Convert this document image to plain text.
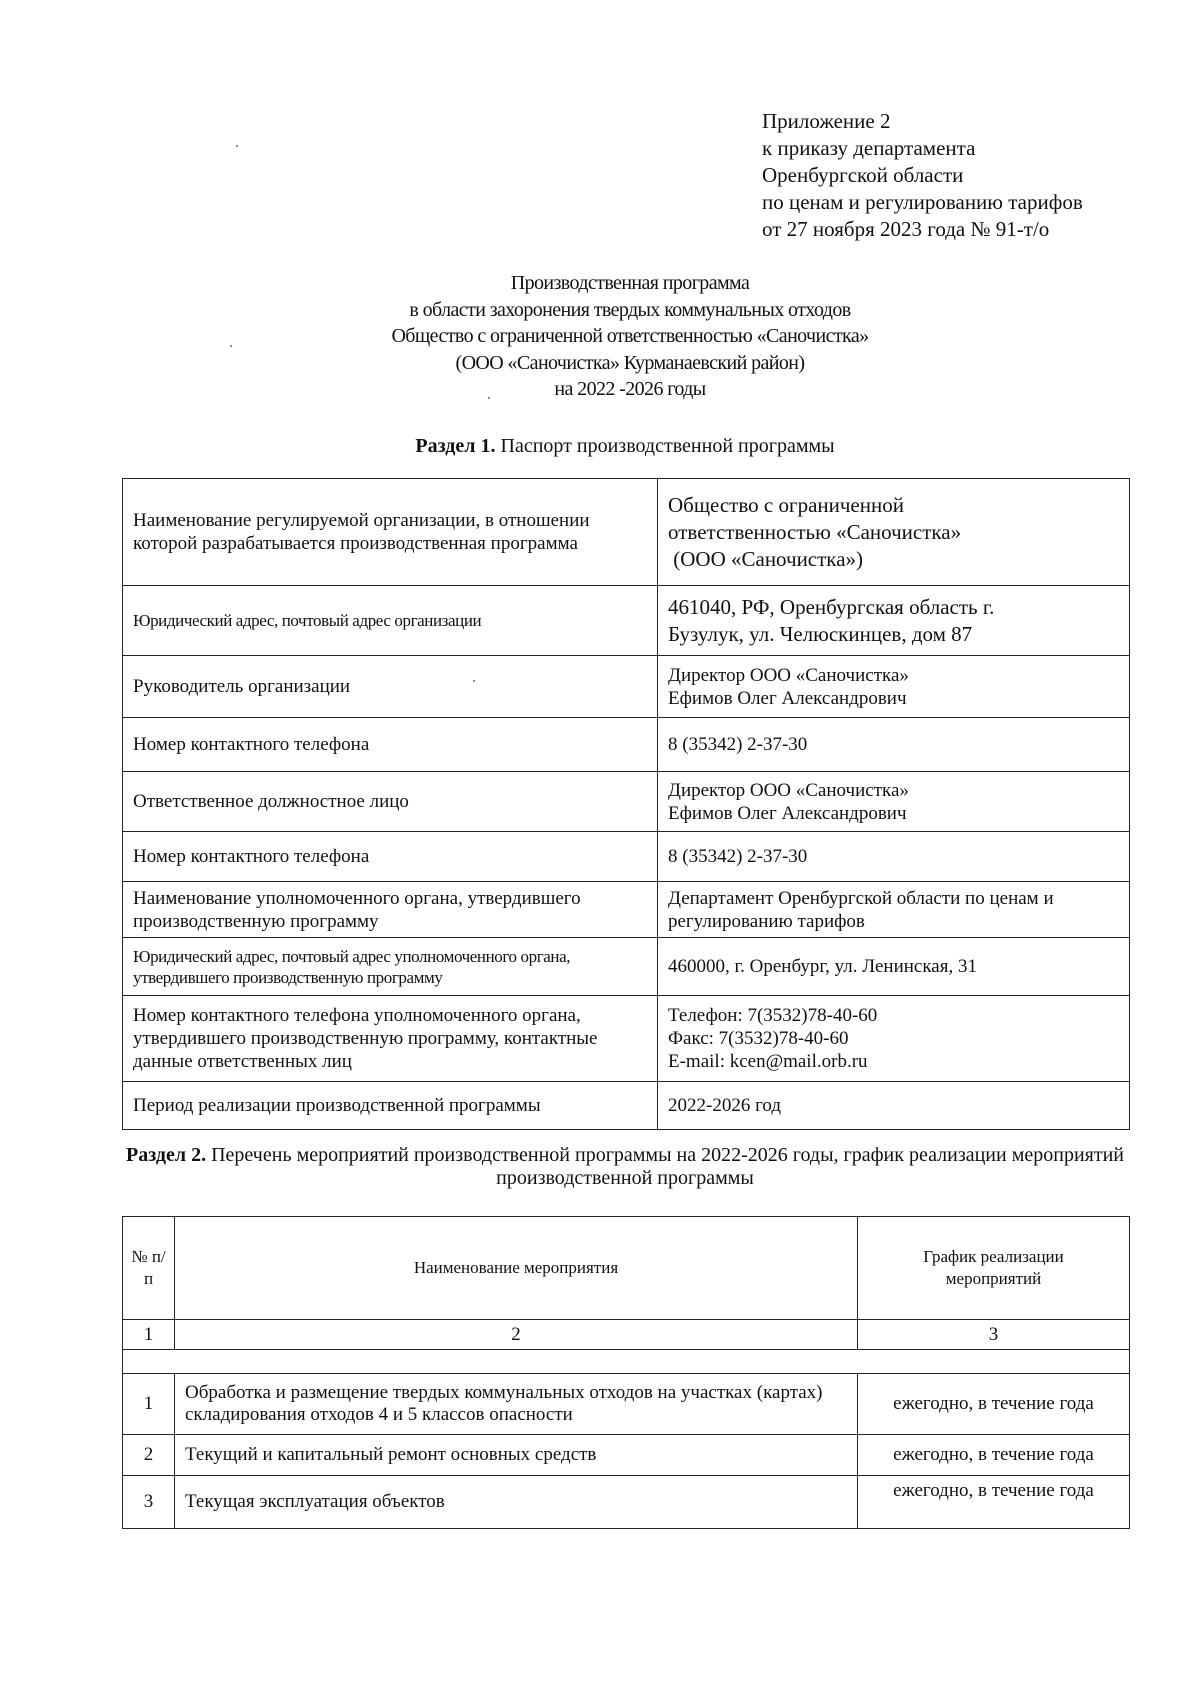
Приложение 2
к приказу департамента
Оренбургской области
по ценам и регулированию тарифов
от 27 ноября 2023 года № 91-т/о
Производственная программа
в области захоронения твердых коммунальных отходов
Общество с ограниченной ответственностью «Саночистка»
(ООО «Саночистка» Курманаевский район)
на 2022 -2026 годы
Раздел 1. Паспорт производственной программы
Наименование регулируемой организации, в отношении которой разрабатывается производственная программа	Общество с ограниченной
ответственностью «Саночистка»
(ООО «Саночистка»)

Юридический адрес, почтовый адрес организации	461040, РФ, Оренбургская область г.
Бузулук, ул. Челюскинцев, дом 87

Руководитель организации	Директор ООО «Саночистка»
Ефимов Олег Александрович

Номер контактного телефона	8 (35342) 2-37-30

Ответственное должностное лицо	Директор ООО «Саночистка»
Ефимов Олег Александрович

Номер контактного телефона	8 (35342) 2-37-30

Наименование уполномоченного органа, утвердившего производственную программу	Департамент Оренбургской области по ценам и
регулированию тарифов

Юридический адрес, почтовый адрес уполномоченного органа, утвердившего производственную программу	460000, г. Оренбург, ул. Ленинская, 31

Номер контактного телефона уполномоченного органа, утвердившего производственную программу, контактные данные ответственных лиц	Телефон: 7(3532)78-40-60
Факс: 7(3532)78-40-60
E-mail: kcen@mail.orb.ru

Период реализации производственной программы	2022-2026 год
Раздел 2. Перечень мероприятий производственной программы на 2022-2026 годы, график реализации мероприятий производственной программы
№ п/п	Наименование мероприятия	График реализации мероприятий
1	2	3

1	Обработка и размещение твердых коммунальных отходов на участках (картах) складирования отходов 4 и 5 классов опасности	ежегодно, в течение года
2	Текущий и капитальный ремонт основных средств	ежегодно, в течение года
3	Текущая эксплуатация объектов	ежегодно, в течение года
